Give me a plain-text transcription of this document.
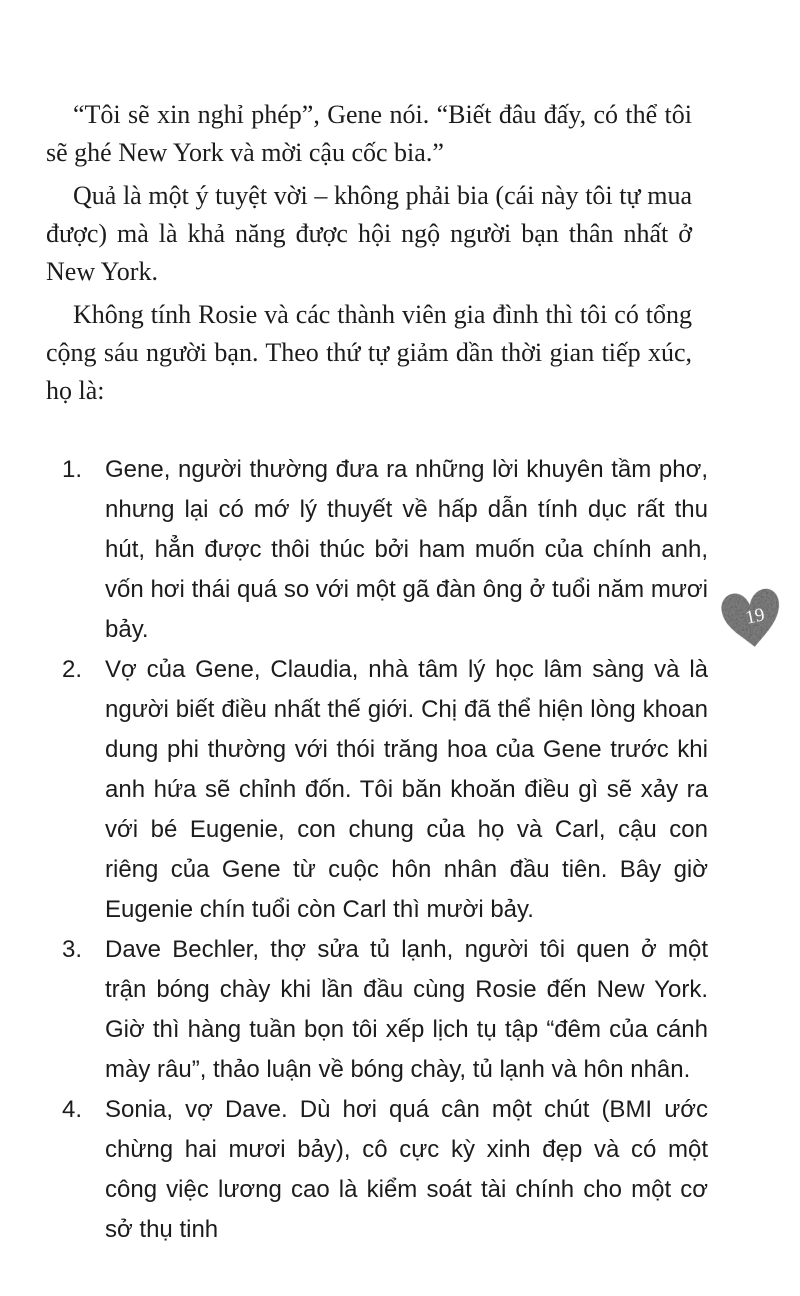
“Tôi sẽ xin nghỉ phép”, Gene nói. “Biết đâu đấy, có thể tôi sẽ ghé New York và mời cậu cốc bia.”

Quả là một ý tuyệt vời – không phải bia (cái này tôi tự mua được) mà là khả năng được hội ngộ người bạn thân nhất ở New York.

Không tính Rosie và các thành viên gia đình thì tôi có tổng cộng sáu người bạn. Theo thứ tự giảm dần thời gian tiếp xúc, họ là:

1. Gene, người thường đưa ra những lời khuyên tầm phơ, nhưng lại có mớ lý thuyết về hấp dẫn tính dục rất thu hút, hẳn được thôi thúc bởi ham muốn của chính anh, vốn hơi thái quá so với một gã đàn ông ở tuổi năm mươi bảy.
2. Vợ của Gene, Claudia, nhà tâm lý học lâm sàng và là người biết điều nhất thế giới. Chị đã thể hiện lòng khoan dung phi thường với thói trăng hoa của Gene trước khi anh hứa sẽ chỉnh đốn. Tôi băn khoăn điều gì sẽ xảy ra với bé Eugenie, con chung của họ và Carl, cậu con riêng của Gene từ cuộc hôn nhân đầu tiên. Bây giờ Eugenie chín tuổi còn Carl thì mười bảy.
3. Dave Bechler, thợ sửa tủ lạnh, người tôi quen ở một trận bóng chày khi lần đầu cùng Rosie đến New York. Giờ thì hàng tuần bọn tôi xếp lịch tụ tập “đêm của cánh mày râu”, thảo luận về bóng chày, tủ lạnh và hôn nhân.
4. Sonia, vợ Dave. Dù hơi quá cân một chút (BMI ước chừng hai mươi bảy), cô cực kỳ xinh đẹp và có một công việc lương cao là kiểm soát tài chính cho một cơ sở thụ tinh
19
